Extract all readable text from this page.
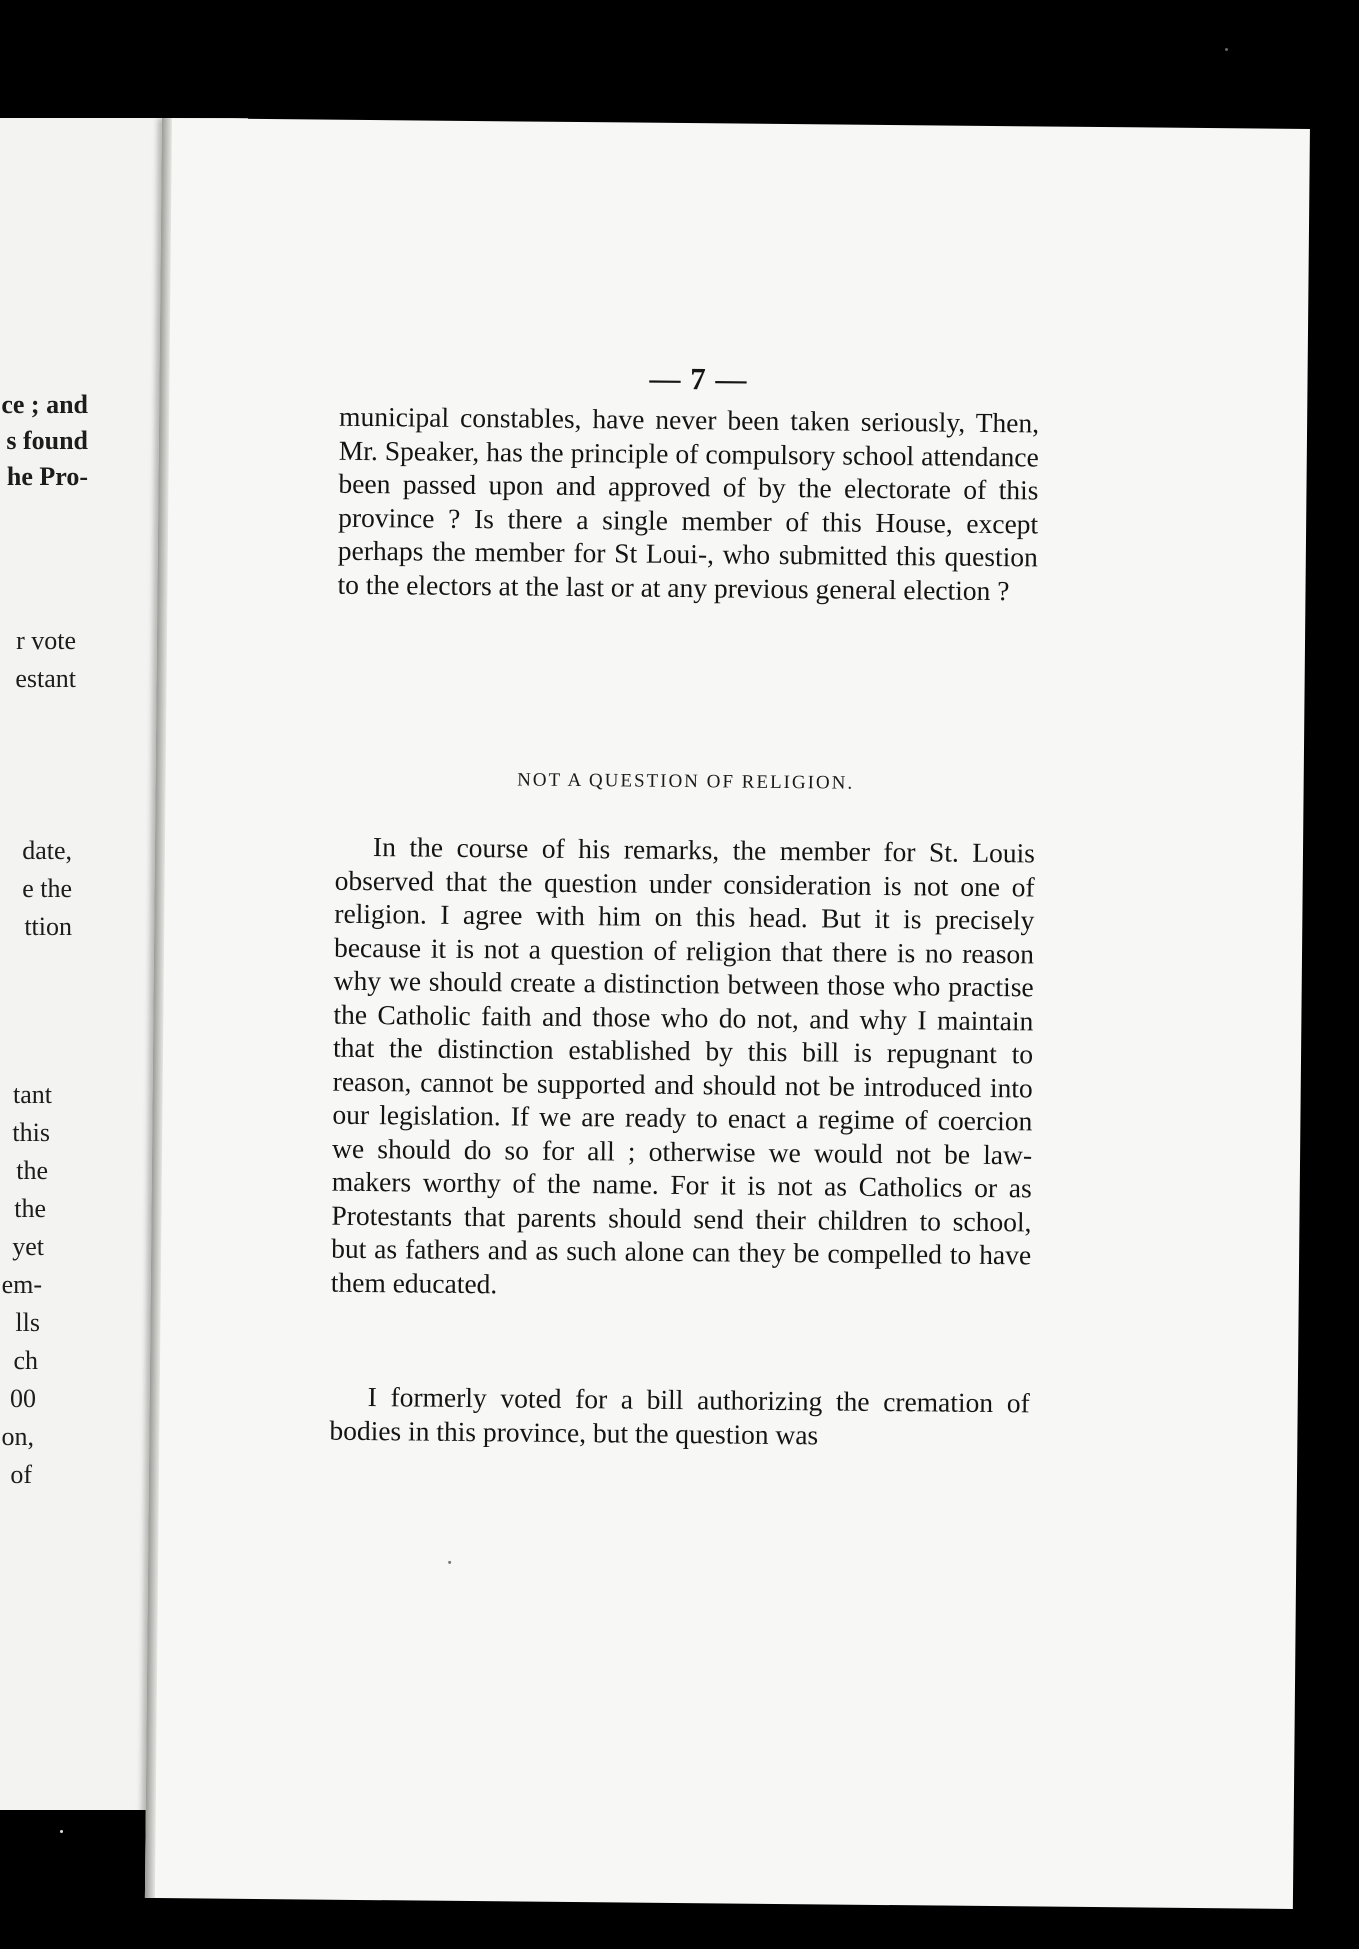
ce ; and
s found
he Pro-
r vote
estant
date,
e the
ttion
tant
this
the
the
yet
em-
lls
ch
00
on,
of
— 7 —

municipal constables, have never been taken seriously, Then, Mr. Speaker, has the principle of compulsory school attendance been passed upon and approved of by the electorate of this province ? Is there a single member of this House, except perhaps the member for St Loui-, who submitted this question to the electors at the last or at any previous general election ?

NOT A QUESTION OF RELIGION.

In the course of his remarks, the member for St. Louis observed that the question under consideration is not one of religion. I agree with him on this head. But it is precisely because it is not a question of religion that there is no reason why we should create a distinction between those who practise the Catholic faith and those who do not, and why I maintain that the distinction established by this bill is repugnant to reason, cannot be supported and should not be introduced into our legislation. If we are ready to enact a regime of coercion we should do so for all ; otherwise we would not be law-makers worthy of the name. For it is not as Catholics or as Protestants that parents should send their children to school, but as fathers and as such alone can they be compelled to have them educated.

I formerly voted for a bill authorizing the cremation of bodies in this province, but the question was
